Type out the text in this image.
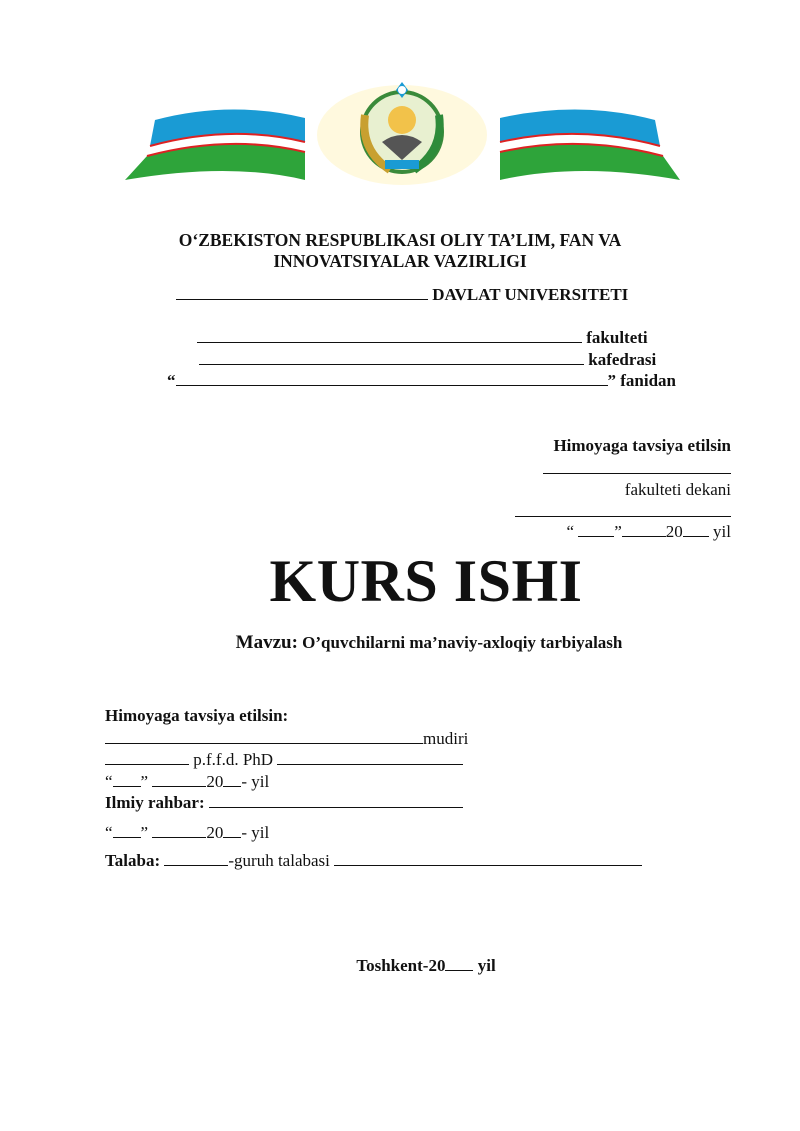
O‘ZBEKISTON RESPUBLIKASI OLIY TA’LIM, FAN VA
INNOVATSIYALAR VAZIRLIGI
DAVLAT UNIVERSITETI
fakulteti
kafedrasi
“	” fanidan
Himoyaga tavsiya etilsin
fakulteti dekani
“ ”	20 yil
KURS ISHI
Mavzu: O’quvchilarni ma’naviy-axloqiy tarbiyalash
Himoyaga tavsiya etilsin:
mudiri
p.f.f.d. PhD
“ ”	20 - yil
Ilmiy rahbar:
“ ”	20 - yil
Talaba:	-guruh talabasi
Toshkent-20 yil
